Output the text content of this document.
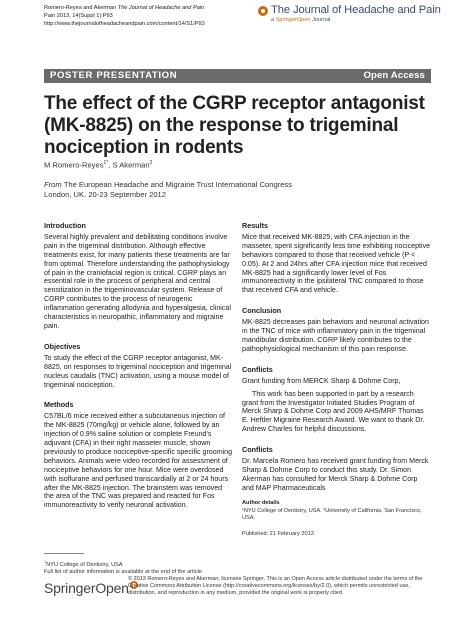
Romero-Reyes and Akerman The Journal of Headache and Pain
Pain 2013, 14(Suppl 1):P93
http://www.thejournalofheadacheandpain.com/content/14/S1/P93
The Journal of Headache and Pain
a SpringerOpen Journal
POSTER PRESENTATION	Open Access
The effect of the CGRP receptor antagonist (MK-8825) on the response to trigeminal nociception in rodents
M Romero-Reyes$^{1*}$, S Akerman$^2$
From The European Headache and Migraine Trust International Congress
London, UK. 20-23 September 2012
Introduction
Several highly prevalent and debilitating conditions involve pain in the trigeminal distribution. Although effective treatments exist, for many patients these treatments are far from optimal. Therefore understanding the pathophysiology of pain in the craniofacial region is critical. CGRP plays an essential role in the process of peripheral and central sensitization in the trigeminovascular system. Release of CGRP contributes to the process of neurogenic inflammation generating allodynia and hyperalgesia, clinical characteristics in neuropathic, inflammatory and migraine pain.
Objectives
To study the effect of the CGRP receptor antagonist, MK-8825, on responses to trigeminal nociception and trigeminal nucleus caudalis (TNC) activation, using a mouse model of trigeminal nociception.
Methods
C57BL/6 mice received either a subcutaneous injection of the MK-8825 (70mg/kg) or vehicle alone, followed by an injection of 0.9% saline solution or complete Freund's adjuvant (CFA) in their right masseter muscle, shown previously to produce nociceptive-specific specific grooming behaviors. Animals were video recorded for assessment of nociceptive behaviors for one hour. Mice were overdosed with isoflurane and perfused transcardially at 2 or 24 hours after the MK-8825 injection. The brainstem was removed the area of the TNC was prepared and reacted for Fos immunoreactivity to verify neuronal activation.
Results
Mice that received MK-8825, with CFA injection in the masseter, spent significantly less time exhibiting nociceptive behaviors compared to those that received vehicle (P < 0.05). At 2 and 24hrs after CFA injection mice that received MK-8825 had a significantly lower level of Fos immunoreactivity in the ipsilateral TNC compared to those that received CFA and vehicle.
Conclusion
MK-8825 decreases pain behaviors and neuronal activation in the TNC of mice with inflammatory pain in the trigeminal mandibular distribution. CGRP likely contributes to the pathophysiological mechanism of this pain response.
Conflicts
Grant funding from MERCK Sharp & Dohme Corp,
This work has been supported in part by a research grant from the Investigator Initiated Studies Program of Merck Sharp & Dohme Corp and 2009 AHS/MRF Thomas E. Heftler Migraine Research Award. We want to thank Dr. Andrew Charles for helpful discussions.
Conflicts
Dr. Marcela Romero has received grant funding from Merck Sharp & Dohme Corp to conduct this study. Dr. Simon Akerman has consulted for Merck Sharp & Dohme Corp and MAP Pharmaceuticals
Author details
¹NYU College of Dentistry, USA. ²University of California, San Francisco, USA.
Published: 21 February 2013
$^1$NYU College of Dentistry, USA
Full list of author information is available at the end of the article
SpringerOpen
© 2013 Romero-Reyes and Akerman; licensee Springer. This is an Open Access article distributed under the terms of the Creative Commons Attribution License (http://creativecommons.org/licenses/by/2.0), which permits unrestricted use, distribution, and reproduction in any medium, provided the original work is properly cited.
